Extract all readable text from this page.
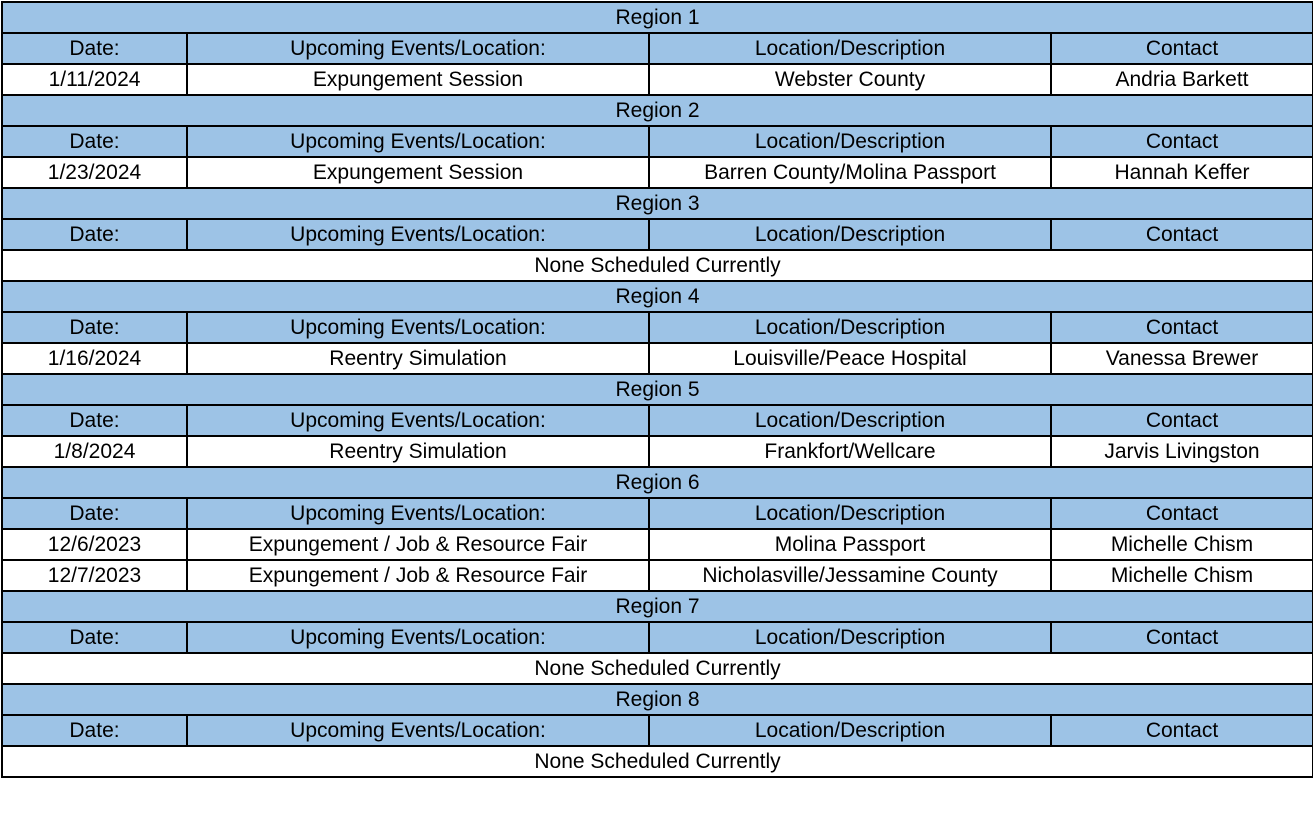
Region 1			
Date:	Upcoming Events/Location:	Location/Description	Contact
1/11/2024	Expungement Session	Webster County	Andria Barkett
Region 2			
Date:	Upcoming Events/Location:	Location/Description	Contact
1/23/2024	Expungement Session	Barren County/Molina Passport	Hannah Keffer
Region 3			
Date:	Upcoming Events/Location:	Location/Description	Contact
None Scheduled Currently			
Region 4			
Date:	Upcoming Events/Location:	Location/Description	Contact
1/16/2024	Reentry Simulation	Louisville/Peace Hospital	Vanessa Brewer
Region 5			
Date:	Upcoming Events/Location:	Location/Description	Contact
1/8/2024	Reentry Simulation	Frankfort/Wellcare	Jarvis Livingston
Region 6			
Date:	Upcoming Events/Location:	Location/Description	Contact
12/6/2023	Expungement / Job & Resource Fair	Molina Passport	Michelle Chism
12/7/2023	Expungement / Job & Resource Fair	Nicholasville/Jessamine County	Michelle Chism
Region 7			
Date:	Upcoming Events/Location:	Location/Description	Contact
None Scheduled Currently			
Region 8			
Date:	Upcoming Events/Location:	Location/Description	Contact
None Scheduled Currently			
